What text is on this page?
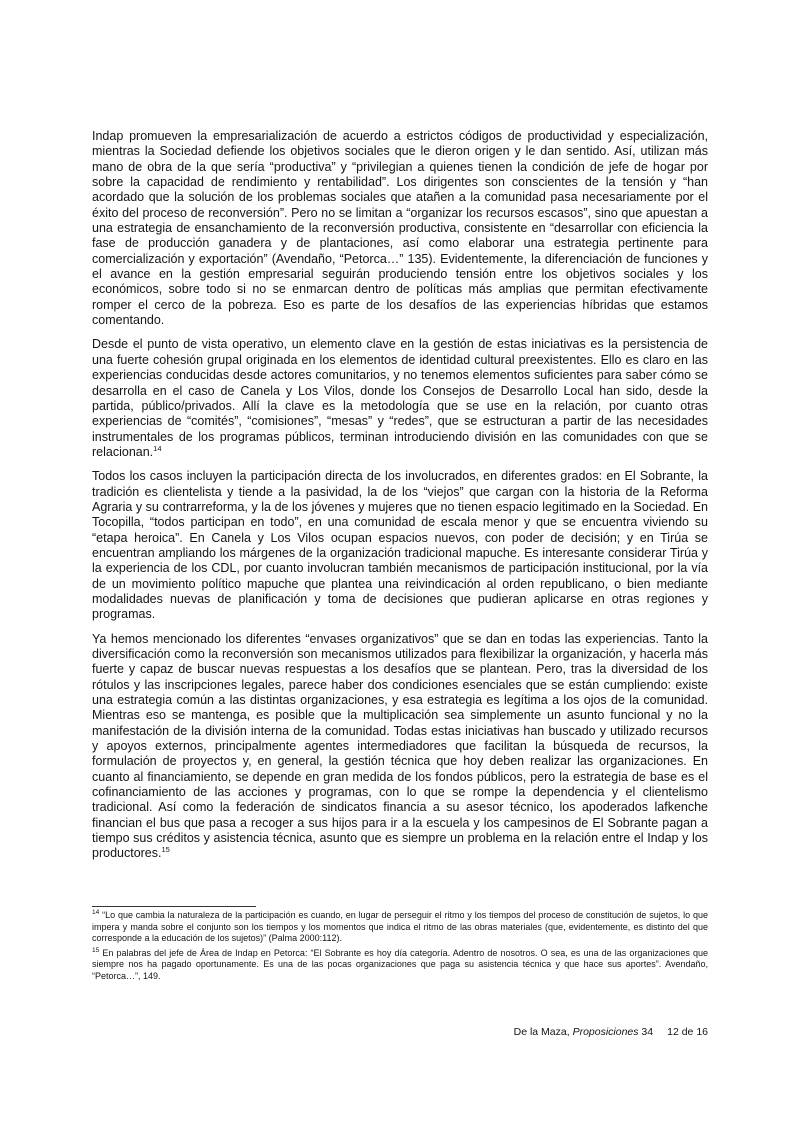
Indap promueven la empresarialización de acuerdo a estrictos códigos de productividad y especialización, mientras la Sociedad defiende los objetivos sociales que le dieron origen y le dan sentido. Así, utilizan más mano de obra de la que sería “productiva” y “privilegian a quienes tienen la condición de jefe de hogar por sobre la capacidad de rendimiento y rentabilidad”. Los dirigentes son conscientes de la tensión y “han acordado que la solución de los problemas sociales que atañen a la comunidad pasa necesariamente por el éxito del proceso de reconversión”. Pero no se limitan a “organizar los recursos escasos”, sino que apuestan a una estrategia de ensanchamiento de la reconversión productiva, consistente en “desarrollar con eficiencia la fase de producción ganadera y de plantaciones, así como elaborar una estrategia pertinente para comercialización y exportación” (Avendaño, “Petorca…” 135). Evidentemente, la diferenciación de funciones y el avance en la gestión empresarial seguirán produciendo tensión entre los objetivos sociales y los económicos, sobre todo si no se enmarcan dentro de políticas más amplias que permitan efectivamente romper el cerco de la pobreza. Eso es parte de los desafíos de las experiencias híbridas que estamos comentando.

Desde el punto de vista operativo, un elemento clave en la gestión de estas iniciativas es la persistencia de una fuerte cohesión grupal originada en los elementos de identidad cultural preexistentes. Ello es claro en las experiencias conducidas desde actores comunitarios, y no tenemos elementos suficientes para saber cómo se desarrolla en el caso de Canela y Los Vilos, donde los Consejos de Desarrollo Local han sido, desde la partida, público/privados. Allí la clave es la metodología que se use en la relación, por cuanto otras experiencias de “comités”, “comisiones”, “mesas” y “redes”, que se estructuran a partir de las necesidades instrumentales de los programas públicos, terminan introduciendo división en las comunidades con que se relacionan.$^{14}$

Todos los casos incluyen la participación directa de los involucrados, en diferentes grados: en El Sobrante, la tradición es clientelista y tiende a la pasividad, la de los “viejos” que cargan con la historia de la Reforma Agraria y su contrarreforma, y la de los jóvenes y mujeres que no tienen espacio legitimado en la Sociedad. En Tocopilla, “todos participan en todo”, en una comunidad de escala menor y que se encuentra viviendo su “etapa heroica”. En Canela y Los Vilos ocupan espacios nuevos, con poder de decisión; y en Tirúa se encuentran ampliando los márgenes de la organización tradicional mapuche. Es interesante considerar Tirúa y la experiencia de los CDL, por cuanto involucran también mecanismos de participación institucional, por la vía de un movimiento político mapuche que plantea una reivindicación al orden republicano, o bien mediante modalidades nuevas de planificación y toma de decisiones que pudieran aplicarse en otras regiones y programas.

Ya hemos mencionado los diferentes “envases organizativos” que se dan en todas las experiencias. Tanto la diversificación como la reconversión son mecanismos utilizados para flexibilizar la organización, y hacerla más fuerte y capaz de buscar nuevas respuestas a los desafíos que se plantean. Pero, tras la diversidad de los rótulos y las inscripciones legales, parece haber dos condiciones esenciales que se están cumpliendo: existe una estrategia común a las distintas organizaciones, y esa estrategia es legítima a los ojos de la comunidad. Mientras eso se mantenga, es posible que la multiplicación sea simplemente un asunto funcional y no la manifestación de la división interna de la comunidad. Todas estas iniciativas han buscado y utilizado recursos y apoyos externos, principalmente agentes intermediadores que facilitan la búsqueda de recursos, la formulación de proyectos y, en general, la gestión técnica que hoy deben realizar las organizaciones. En cuanto al financiamiento, se depende en gran medida de los fondos públicos, pero la estrategia de base es el cofinanciamiento de las acciones y programas, con lo que se rompe la dependencia y el clientelismo tradicional. Así como la federación de sindicatos financia a su asesor técnico, los apoderados lafkenche financian el bus que pasa a recoger a sus hijos para ir a la escuela y los campesinos de El Sobrante pagan a tiempo sus créditos y asistencia técnica, asunto que es siempre un problema en la relación entre el Indap y los productores.$^{15}$

$^{14}$ “Lo que cambia la naturaleza de la participación es cuando, en lugar de perseguir el ritmo y los tiempos del proceso de constitución de sujetos, lo que impera y manda sobre el conjunto son los tiempos y los momentos que indica el ritmo de las obras materiales (que, evidentemente, es distinto del que corresponde a la educación de los sujetos)” (Palma 2000:112).

$^{15}$ En palabras del jefe de Área de Indap en Petorca: “El Sobrante es hoy día categoría. Adentro de nosotros. O sea, es una de las organizaciones que siempre nos ha pagado oportunamente. Es una de las pocas organizaciones que paga su asistencia técnica y que hace sus aportes”. Avendaño, “Petorca…”, 149.

De la Maza, Proposiciones 34 12 de 16
